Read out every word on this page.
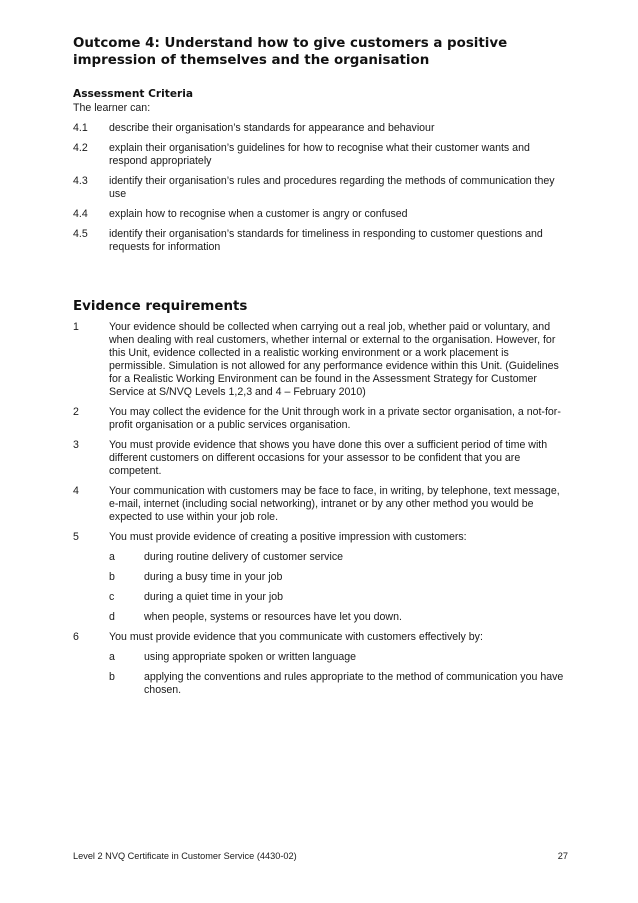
Outcome 4: Understand how to give customers a positive impression of themselves and the organisation
Assessment Criteria
The learner can:
4.1	describe their organisation’s standards for appearance and behaviour
4.2	explain their organisation’s guidelines for how to recognise what their customer wants and respond appropriately
4.3	identify their organisation’s rules and procedures regarding the methods of communication they use
4.4	explain how to recognise when a customer is angry or confused
4.5	identify their organisation’s standards for timeliness in responding to customer questions and requests for information
Evidence requirements
1	Your evidence should be collected when carrying out a real job, whether paid or voluntary, and when dealing with real customers, whether internal or external to the organisation. However, for this Unit, evidence collected in a realistic working environment or a work placement is permissible. Simulation is not allowed for any performance evidence within this Unit. (Guidelines for a Realistic Working Environment can be found in the Assessment Strategy for Customer Service at S/NVQ Levels 1,2,3 and 4 – February 2010)
2	You may collect the evidence for the Unit through work in a private sector organisation, a not-for-profit organisation or a public services organisation.
3	You must provide evidence that shows you have done this over a sufficient period of time with different customers on different occasions for your assessor to be confident that you are competent.
4	Your communication with customers may be face to face, in writing, by telephone, text message, e-mail, internet (including social networking), intranet or by any other method you would be expected to use within your job role.
5	You must provide evidence of creating a positive impression with customers:
a	during routine delivery of customer service
b	during a busy time in your job
c	during a quiet time in your job
d	when people, systems or resources have let you down.
6	You must provide evidence that you communicate with customers effectively by:
a	using appropriate spoken or written language
b	applying the conventions and rules appropriate to the method of communication you have chosen.
Level 2 NVQ Certificate in Customer Service (4430-02)	27
